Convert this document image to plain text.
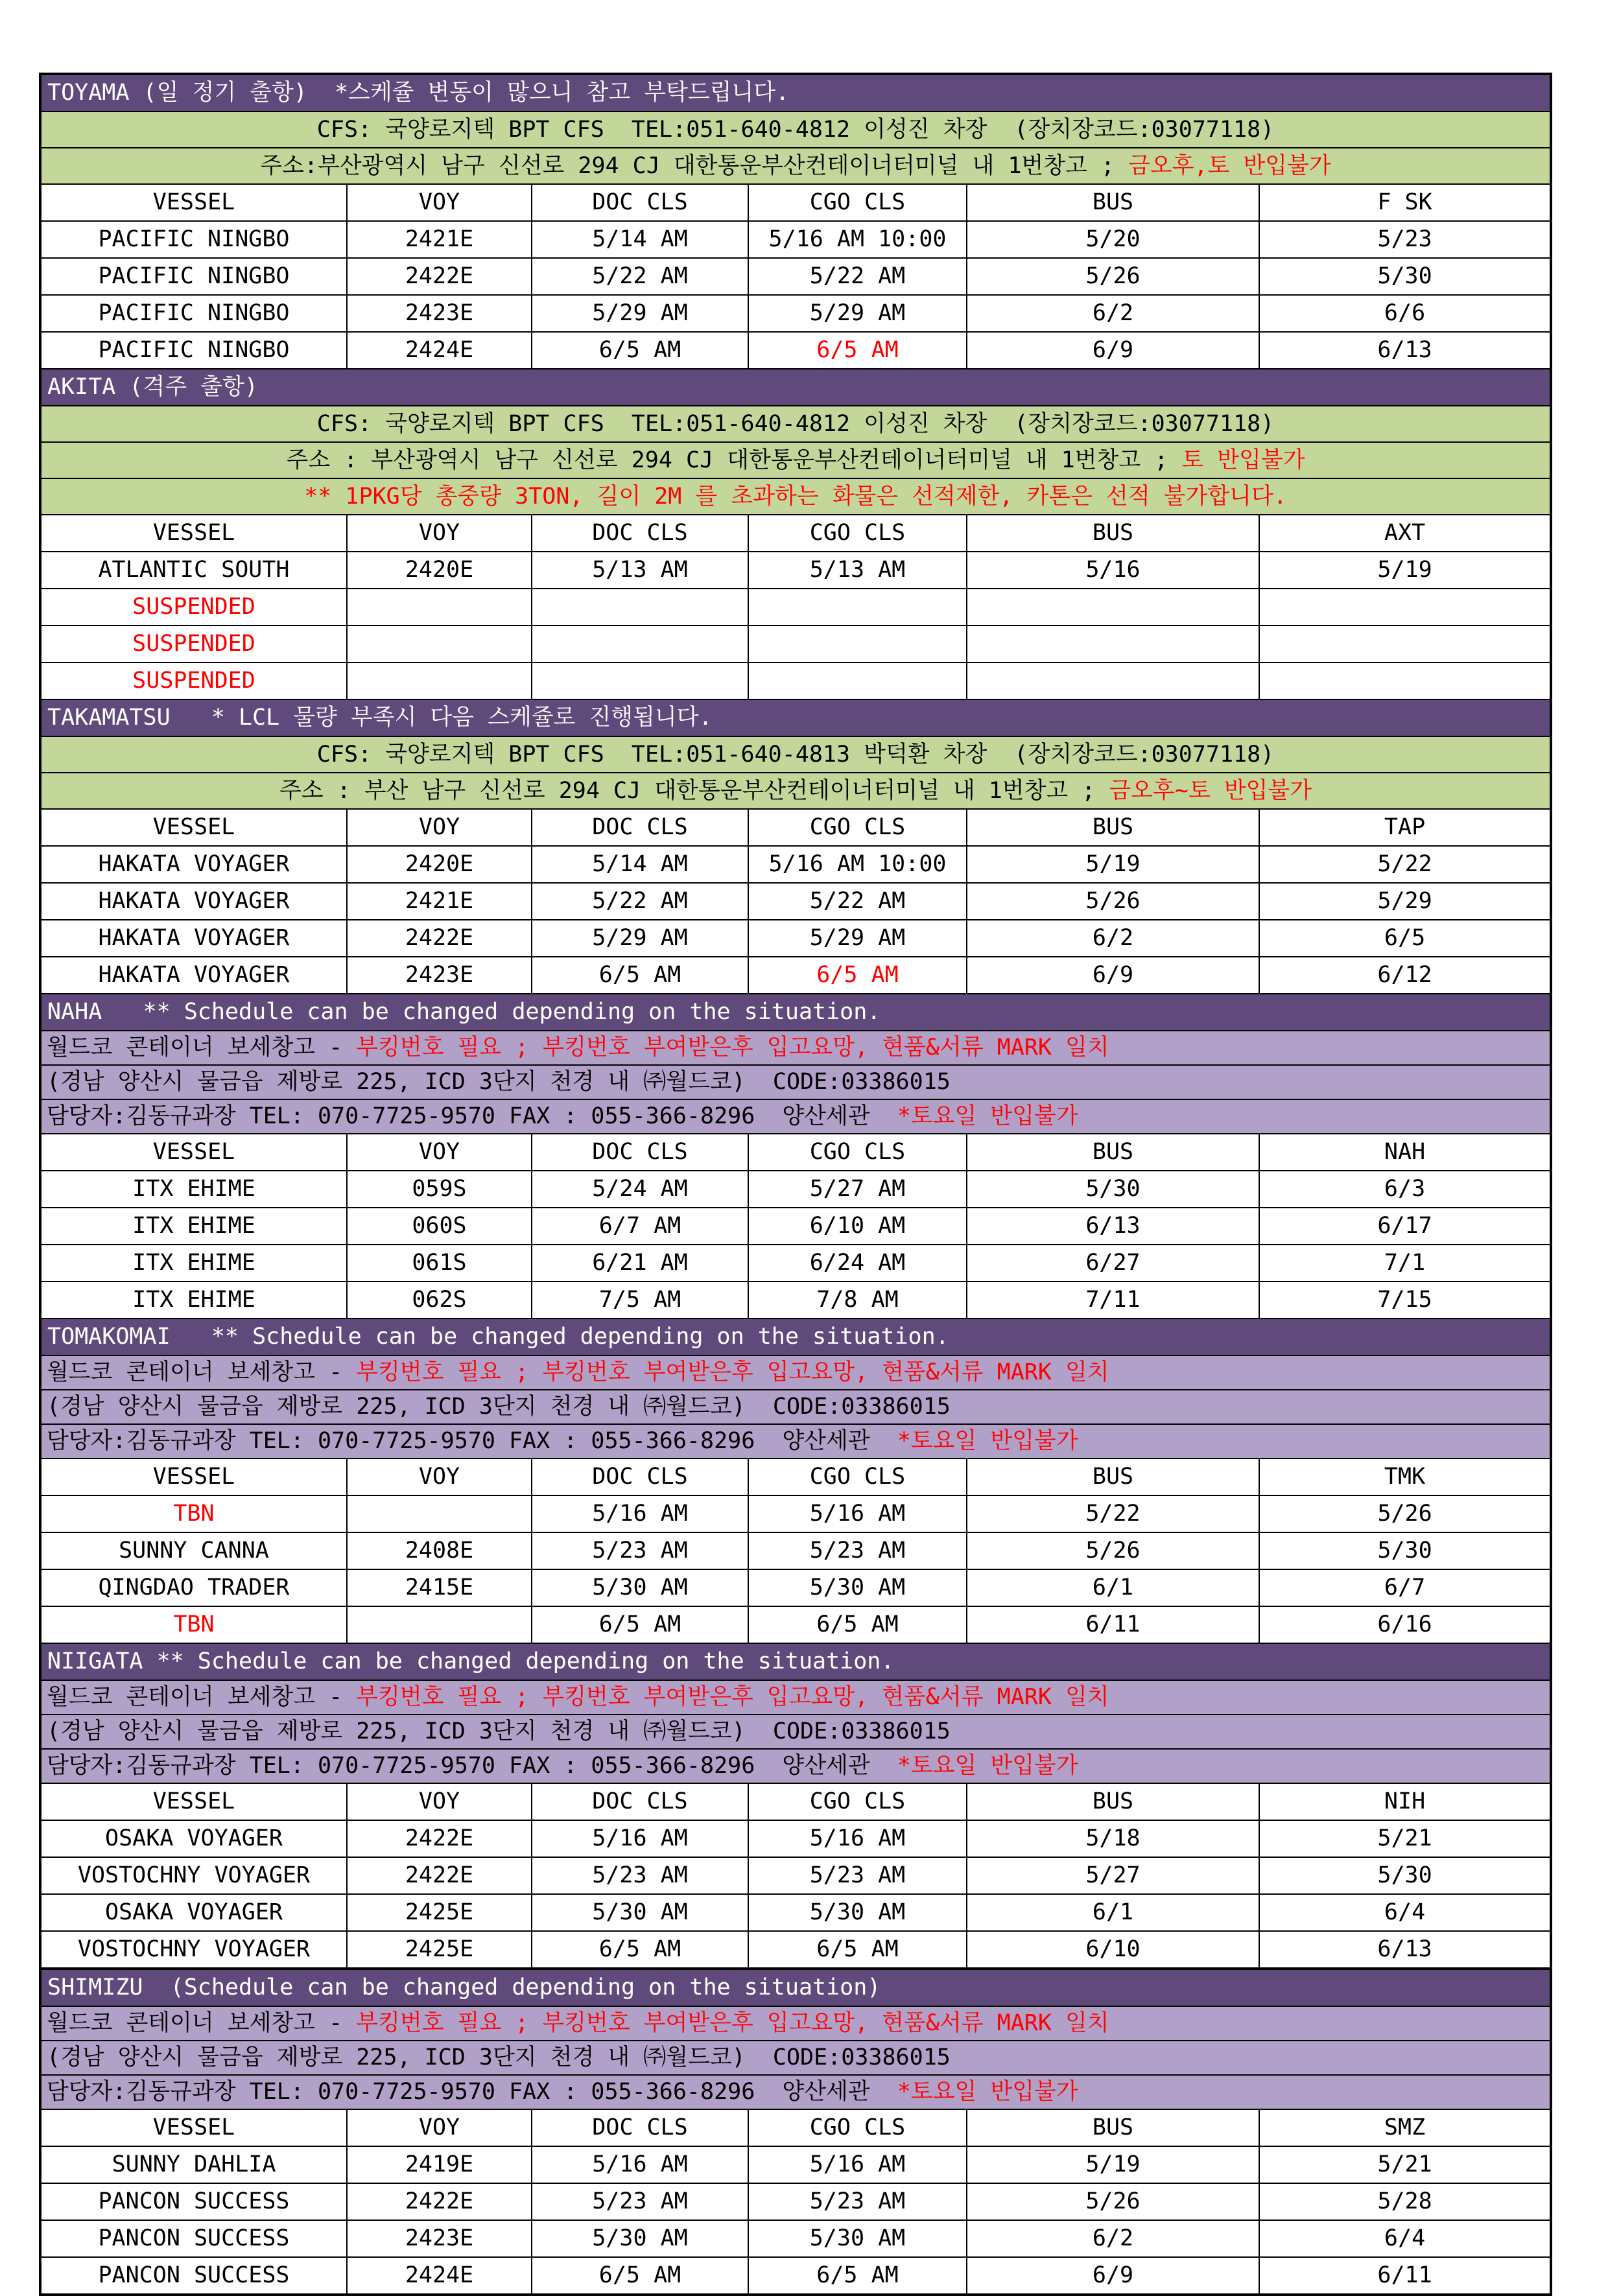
TOYAMA (일 정기 출항)  *스케쥴 변동이 많으니 참고 부탁드립니다.					
CFS: 국양로지텍 BPT CFS  TEL:051-640-4812 이성진 차장  (장치장코드:03077118)					
주소:부산광역시 남구 신선로 294 CJ 대한통운부산컨테이너터미널 내 1번창고 ; 금오후,토 반입불가					
VESSEL	VOY	DOC CLS	CGO CLS	BUS	F SK
PACIFIC NINGBO	2421E	5/14 AM	5/16 AM 10:00	5/20	5/23
PACIFIC NINGBO	2422E	5/22 AM	5/22 AM	5/26	5/30
PACIFIC NINGBO	2423E	5/29 AM	5/29 AM	6/2	6/6
PACIFIC NINGBO	2424E	6/5 AM	6/5 AM	6/9	6/13
AKITA (격주 출항)					
CFS: 국양로지텍 BPT CFS  TEL:051-640-4812 이성진 차장  (장치장코드:03077118)					
주소 : 부산광역시 남구 신선로 294 CJ 대한통운부산컨테이너터미널 내 1번창고 ; 토 반입불가					
** 1PKG당 총중량 3TON, 길이 2M 를 초과하는 화물은 선적제한, 카톤은 선적 불가합니다.					
VESSEL	VOY	DOC CLS	CGO CLS	BUS	AXT
ATLANTIC SOUTH	2420E	5/13 AM	5/13 AM	5/16	5/19
SUSPENDED					
SUSPENDED					
SUSPENDED					
TAKAMATSU   * LCL 물량 부족시 다음 스케쥴로 진행됩니다.					
CFS: 국양로지텍 BPT CFS  TEL:051-640-4813 박덕환 차장  (장치장코드:03077118)					
주소 : 부산 남구 신선로 294 CJ 대한통운부산컨테이너터미널 내 1번창고 ; 금오후~토 반입불가					
VESSEL	VOY	DOC CLS	CGO CLS	BUS	TAP
HAKATA VOYAGER	2420E	5/14 AM	5/16 AM 10:00	5/19	5/22
HAKATA VOYAGER	2421E	5/22 AM	5/22 AM	5/26	5/29
HAKATA VOYAGER	2422E	5/29 AM	5/29 AM	6/2	6/5
HAKATA VOYAGER	2423E	6/5 AM	6/5 AM	6/9	6/12
NAHA   ** Schedule can be changed depending on the situation.					
월드코 콘테이너 보세창고 - 부킹번호 필요 ; 부킹번호 부여받은후 입고요망, 현품&서류 MARK 일치					
(경남 양산시 물금읍 제방로 225, ICD 3단지 천경 내 ㈜월드코)  CODE:03386015					
담당자:김동규과장 TEL: 070-7725-9570 FAX : 055-366-8296  양산세관  *토요일 반입불가					
VESSEL	VOY	DOC CLS	CGO CLS	BUS	NAH
ITX EHIME	059S	5/24 AM	5/27 AM	5/30	6/3
ITX EHIME	060S	6/7 AM	6/10 AM	6/13	6/17
ITX EHIME	061S	6/21 AM	6/24 AM	6/27	7/1
ITX EHIME	062S	7/5 AM	7/8 AM	7/11	7/15
TOMAKOMAI   ** Schedule can be changed depending on the situation.					
월드코 콘테이너 보세창고 - 부킹번호 필요 ; 부킹번호 부여받은후 입고요망, 현품&서류 MARK 일치					
(경남 양산시 물금읍 제방로 225, ICD 3단지 천경 내 ㈜월드코)  CODE:03386015					
담당자:김동규과장 TEL: 070-7725-9570 FAX : 055-366-8296  양산세관  *토요일 반입불가					
VESSEL	VOY	DOC CLS	CGO CLS	BUS	TMK
TBN		5/16 AM	5/16 AM	5/22	5/26
SUNNY CANNA	2408E	5/23 AM	5/23 AM	5/26	5/30
QINGDAO TRADER	2415E	5/30 AM	5/30 AM	6/1	6/7
TBN		6/5 AM	6/5 AM	6/11	6/16
NIIGATA ** Schedule can be changed depending on the situation.					
월드코 콘테이너 보세창고 - 부킹번호 필요 ; 부킹번호 부여받은후 입고요망, 현품&서류 MARK 일치					
(경남 양산시 물금읍 제방로 225, ICD 3단지 천경 내 ㈜월드코)  CODE:03386015					
담당자:김동규과장 TEL: 070-7725-9570 FAX : 055-366-8296  양산세관  *토요일 반입불가					
VESSEL	VOY	DOC CLS	CGO CLS	BUS	NIH
OSAKA VOYAGER	2422E	5/16 AM	5/16 AM	5/18	5/21
VOSTOCHNY VOYAGER	2422E	5/23 AM	5/23 AM	5/27	5/30
OSAKA VOYAGER	2425E	5/30 AM	5/30 AM	6/1	6/4
VOSTOCHNY VOYAGER	2425E	6/5 AM	6/5 AM	6/10	6/13
SHIMIZU  (Schedule can be changed depending on the situation)					
월드코 콘테이너 보세창고 - 부킹번호 필요 ; 부킹번호 부여받은후 입고요망, 현품&서류 MARK 일치					
(경남 양산시 물금읍 제방로 225, ICD 3단지 천경 내 ㈜월드코)  CODE:03386015					
담당자:김동규과장 TEL: 070-7725-9570 FAX : 055-366-8296  양산세관  *토요일 반입불가					
VESSEL	VOY	DOC CLS	CGO CLS	BUS	SMZ
SUNNY DAHLIA	2419E	5/16 AM	5/16 AM	5/19	5/21
PANCON SUCCESS	2422E	5/23 AM	5/23 AM	5/26	5/28
PANCON SUCCESS	2423E	5/30 AM	5/30 AM	6/2	6/4
PANCON SUCCESS	2424E	6/5 AM	6/5 AM	6/9	6/11
